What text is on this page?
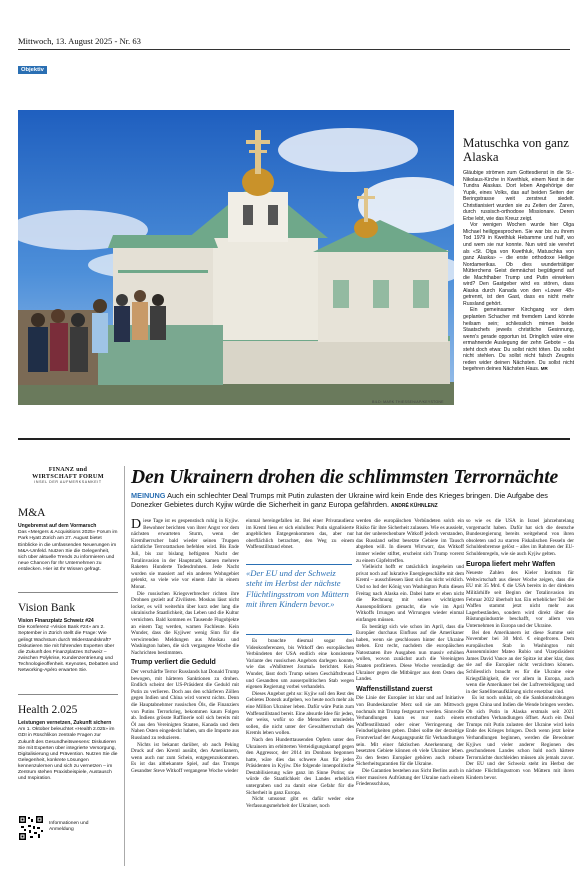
Mittwoch, 13. August 2025 - Nr. 63
Objektiv
BILD: MARK THIESSEN/AP/KEYSTONE
Matuschka von ganz Alaska

Gläubige strömen zum Gottesdienst in die St.-Nikolaus-Kirche in Kwethluk, einem Nest in der Tundra Alaskas. Dort leben Angehörige der Yupik, eines Volks, das auf beiden Seiten der Beringstrasse weit zerstreut siedelt. Christianisiert wurden sie zu Zeiten der Zaren, durch russisch-orthodoxe Missionare. Deren Erbe lebt, wie das Kreuz zeigt.

Vor wenigen Wochen wurde hier Olga Michael heiliggesprochen. Sie war bis zu ihrem Tod 1979 in Kwethluk Hebamme und half, wo und wem sie nur konnte. Nun wird sie verehrt als «St. Olga von Kwethluk, Matuschka von ganz Alaska» – die erste orthodoxe Heilige Nordamerikas. Ob dies wunderträtiger Mütterchens Geist demnächst begütigend auf die Machthaber Trump und Putin einwirken wird? Den Gastgeber wird es stören, dass Alaska durch Kanada von den «Lower 48» getrennt, ist den Gast, dass es nicht mehr Russland gehört.

Ein gemeinsamer Kirchgang vor dem geplanten Schacher mit fremdem Land könnte heilsam sein; schliesslich mimen beide Staatschefs jeweils christliche Gesinnung, wenn's gerade opportun ist. Dringlich wäre eine ermahnende Auslegung der zehn Gebote – da steht doch etwa: Du sollst nicht töten. Du sollst nicht stehlen. Du sollst nicht falsch Zeugnis reden wider deinen Nächsten. Du sollst nicht begehren deines Nächsten Haus. MR

FINANZ und
WIRTSCHAFT FORUM
INSEL DER AUFMERKSAMKEIT
M&A
Ungebremst auf dem Vormarsch
Das «Mergers & Acquisitions 2025» Forum im Park Hyatt Zürich am 27. August bietet Einblicke in die umfassenden Neuerungen im M&A-Umfeld. Nutzen Sie die Gelegenheit, sich über aktuelle Trends zu informieren und neue Chancen für Ihr Unternehmen zu entdecken. Hier ist Ihr Wissen gefragt.
Vision Bank
Vision Finanzplatz Schweiz #24
Die Konferenz «Vision Bank #24» am 2. September in Zürich stellt die Frage: Wie gelingt Wachstum durch Widerstandskraft? Diskutieren Sie mit führenden Experten über die Zukunft des Finanzplatzes Schweiz – zwischen Polykrise, Kundenzentrierung und Technologieoffenheit. Keynotes, Debatten und Networking-Apéro erwarten Sie.
Health 2.025
Leistungen vernetzen, Zukunft sichern
Am 1. Oktober beleuchtet «Health 2.025» im GDI in Rüschlikon zentrale Fragen zur Zukunft des Gesundheitswesens: Diskutieren Sie mit Experten über integrierte Versorgung, Digitalisierung und Prävention. Nutzen Sie die Gelegenheit, konkrete Lösungen kennenzulernen und sich zu vernetzen – im Zentrum stehen Praxisbeispiele, Austausch und Inspiration.
Informationen und
Anmeldung
Den Ukrainern drohen die schlimmsten Terrornächte
MEINUNG Auch ein schlechter Deal Trumps mit Putin zulasten der Ukraine wird kein Ende des Krieges bringen. Die Aufgabe des Donezker Gebietes durch Kyjiw würde die Sicherheit in ganz Europa gefährden. ANDRÉ KÜHNLENZ

Diese Tage ist es gespenstisch ruhig in Kyjiw. Bewohner berichten von ihrer Angst vor dem nächsten erwarteten Sturm, wenn der Kremlherrscher bald wieder seinen Truppen nächtliche Terrorattacken befehlen wird. Bis Ende Juli, bis zur bislang heftigsten Nacht der Totalinvasion in der Hauptstadt, kamen mehrere Raketen Hunderte Todesdrohnen. Jede Nacht wurden sie massiert auf ein anderes Wohngebiet gelenkt, so viele wie vor einem Jahr in einem Monat.

Die russischen Kriegsverbrecher richten ihre Drohnen gezielt auf Zivilisten. Moskau lässt nicht locker, es will weiterhin über kurz oder lang die ukrainische Staatlichkeit, das Leben und die Kultur vernichten. Bald kommen es Tausende Flugobjekte an einem Tag werden, warnen Fachleute. Kein Wunder, dass die Kyjiwer wenig Sinn für die verwirrenden Meldungen aus Moskau und Washington haben, die sich vergangene Woche die Nachrichten bestimmten.

Trump verliert die Geduld

Der verschärfte Terror Russlands hat Donald Trump bewogen, mit härteren Sanktionen zu drohen. Endlich scheint der US-Präsident die Geduld mit Putin zu verlieren. Doch aus den schärferen Zöllen gegen Indien und China wird vorerst nichts. Denn die Hauptabnehmer russischen Öls, die Finanziers von Putins Terrorkrieg, bekommen kaum Folgen ab. Indiens grösste Raffinerie soll sich bereits mit Öl aus den Vereinigten Staaten, Kanada und dem Nahen Osten eingedeckt haben, um die Importe aus Russland zu reduzieren.

Nichts ist bekannt darüber, ob auch Peking Druck auf den Kreml ausübt, den Amerikanern, wenn auch nur zum Schein, entgegenzukommen. Es ist das altbekannte Spiel, auf das Trumps Gesandter Steve Witkoff vergangene Woche wieder

einmal hereingefallen ist. Bei einer Privataudienz im Kreml liess er sich einlullen: Putin signalisierte angeblichen Entgegenkommen das, aber nur oberflächlich betrachtet, den Weg zu einem Waffenstillstand ebnet.

«Der EU und der Schweiz steht im Herbst der nächste Flüchtlingsstrom von Müttern mit ihren Kindern bevor.»

Es brauchte diesmal sogar drei Videokonferenzen, bis Witkoff den europäischen Verbündeten der USA endlich eine konsistente Variante des russischen Angebots darlegen konnte, wie das «Wallstreet Journal» berichtet. Kein Wunder, lässt doch Trump seinen Geschäftsfreund und Gesandten um ausserpolitischen Stab wegen eigenen Regierung vorbei verhandeln.

Dieses Angebot geht so: Kyjiw soll den Rest des Gebietes Donezk aufgeben, wo heute noch mehr als eine Million Ukrainer leben. Dafür wäre Putin zum Waffenstillstand bereit. Eine absurde Idee für jeden, der weiss, wofür so die Menschen umsiedeln sollen, die nicht unter der Gewaltherrschaft des Kremls leben wollen.

Nach den Hunderttausenden Opfern unter den Ukrainern im erbitterten Verteidigungskampf gegen den Aggressor, der 2014 im Donbass begonnen hatte, wäre dies das schwere Aus für jeden Präsidenten in Kyjiw. Die folgende innenpolitische Destabilisierung wäre ganz im Sinne Putins; sie würde die Staatlichkeit des Landes erheblich untergraben und zu damit eine Gefahr für die Sicherheit in ganz Europa.

Nicht umsonst gibt es dafür weder eine Verfassungsmehrheit der Ukrainer, noch

werden die europäischen Verbündeten solch ein Risiko für ihre Sicherheit zulassen. Wie es aussieht, hat der unberechenbare Witkoff jedoch verstanden, das Russland selbst besetzte Gebiete im Tausch abgeben will. In diesem Wirrwarr, das Witkoff immer wieder stiftet, erscheint sich Trump vorerst zu einem Gipfeltreffen.

Vielleicht hofft er tatsächlich insgeheim und privat noch auf lukrative Energiegeschäfte mit dem Kreml – ausschliessen lässt sich das nicht wirklich. Und so lud der König von Washington Putin diesen Freitag nach Alaska ein. Dabei hatte er eben nicht die Rechnung mit seinen wichtigsten Aussenpolitikern gemacht, die wie im April Witkoffs Irrungen und Wirrungen wieder einmal einfangen müssen.

Es bestätigt sich wie schon im April, dass die Europäer durchaus Einfluss auf die Amerikaner haben, wenn sie geschlossen hinter der Ukraine stehen. Erst recht, nachdem die europäischen Natostaaten ihre Ausgaben nun massiv erhöhen wollen, wovon zunächst auch die Vereinigten Staaten profitieren. Diese Woche verständigt der Ukrainer gegen die Mitbürger aus dem Osten des Landes.

Waffenstillstand zuerst

Die Linie der Europäer ist klar und auf Initiative von Bundeskanzler Merz soll sie am Mittwoch nochmals mit Trump festgezurrt werden. Sinnvolle Verhandlungen kann es nur nach einem Waffenstillstand oder einer Verringerung der Feindseligkeiten geben. Dabei sollte der derzeitige Frontverlauf der Ausgangspunkt für Verhandlungen sein. Mit einer faktischen Anerkennung der besetzten Gebiete können eh viele Ukrainer leben. Zu den festen Europäer gehören auch robuste Sicherheitsgarantien für die Ukraine.

Die Garantien bestehen aus Sicht Berlins auch in einer massiven Aufrüstung der Ukraine nach einem Friedensschluss,

so wie es die USA in Israel jahrzehntelang vorgemacht haben. Dafür hat sich die deutsche Bundesregierung bereits weitgehend von ihren obsoleten und zu starren Fiskalischen Fesseln der Schuldenbremse gelöst – alles im Rahmen der EU-Schuldenregeln, wie sie auch Kyjiw gelten.

Europa liefert mehr Waffen

Neueste Zahlen des Kieler Instituts für Weltwirtschaft aus dieser Woche zeigen, dass die EU mit 35 Mrd. € die USA bereits in der direkten Militärhilfe seit Beginn der Totalinvasion im Februar 2022 überholt hat. Ein erheblicher Teil der Waffen stammt jetzt nicht mehr aus Lagerbeständen, sondern wird direkt über die Rüstungsindustrie beschafft, vor allem von Unternehmen in Europa und der Ukraine.

Bei den Amerikanern ist diese Summe seit November bei 30 Mrd. € eingefroren. Dem europäischen Stab in Washington mit Aussenminister Mateo Rubio und Vizepräsident James David Vance an der Spitze ist aber klar, dass sie auf die Europäer nicht verzichten können. Schliesslich braucht es für die Ukraine eine Kriegsfähigkeit, die vor allem in Europa, auch wenn die Amerikaner bei der Luftverteidigung und in der Satellitenaufklärung nicht ersetzbar sind.

Es ist noch unklar, ob die Sanktionsdrohungen gegen China und Indien die Wende bringen werden. Ob sich Putin in Alaska erstmals seit 2021 ernsthaften Verhandlungen öffnet. Auch ein Deal Trumps mit Putin zulasten der Ukraine wird kein Ende des Krieges bringen. Doch wenn jetzt keine Verhandlungen beginnen, werden die Bewohner Kyjiws und vieler anderer Regionen des geschundenen Landes schon bald noch härtere Terrornächte durchleiden müssen als jemals zuvor. Der EU und der Schweiz steht im Herbst der nächste Flüchtlingsstrom von Müttern mit ihren Kindern bevor.
